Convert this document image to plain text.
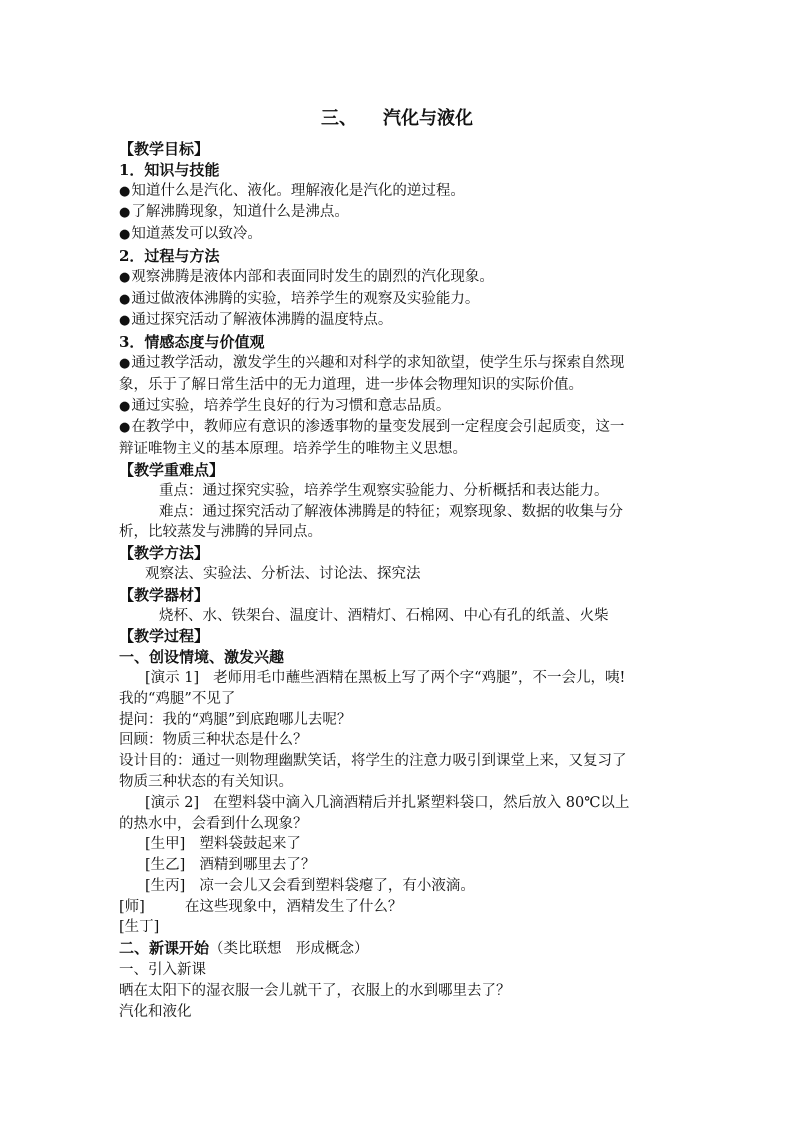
三、 汽化与液化
【教学目标】
1．知识与技能
●知道什么是汽化、液化。理解液化是汽化的逆过程。
●了解沸腾现象，知道什么是沸点。
●知道蒸发可以致冷。
2．过程与方法
●观察沸腾是液体内部和表面同时发生的剧烈的汽化现象。
●通过做液体沸腾的实验，培养学生的观察及实验能力。
●通过探究活动了解液体沸腾的温度特点。
3．情感态度与价值观
●通过教学活动，激发学生的兴趣和对科学的求知欲望，使学生乐与探索自然现
象，乐于了解日常生活中的无力道理，进一步体会物理知识的实际价值。
●通过实验，培养学生良好的行为习惯和意志品质。
●在教学中，教师应有意识的渗透事物的量变发展到一定程度会引起质变，这一
辩证唯物主义的基本原理。培养学生的唯物主义思想。
【教学重难点】
重点：通过探究实验，培养学生观察实验能力、分析概括和表达能力。
难点：通过探究活动了解液体沸腾是的特征；观察现象、数据的收集与分
析，比较蒸发与沸腾的异同点。
【教学方法】
观察法、实验法、分析法、讨论法、探究法
【教学器材】
烧杯、水、铁架台、温度计、酒精灯、石棉网、中心有孔的纸盖、火柴
【教学过程】
一、创设情境、激发兴趣
[演示 1] 老师用毛巾蘸些酒精在黑板上写了两个字“鸡腿”，不一会儿，咦!
我的“鸡腿”不见了
提问：我的“鸡腿”到底跑哪儿去呢？
回顾：物质三种状态是什么？
设计目的：通过一则物理幽默笑话，将学生的注意力吸引到课堂上来，又复习了
物质三种状态的有关知识。
[演示 2] 在塑料袋中滴入几滴酒精后并扎紧塑料袋口，然后放入 80℃以上
的热水中，会看到什么现象？
[生甲] 塑料袋鼓起来了
[生乙] 酒精到哪里去了？
[生丙] 凉一会儿又会看到塑料袋瘪了，有小液滴。
[师]	在这些现象中，酒精发生了什么？
[生丁]
二、新课开始（类比联想　形成概念）
一、引入新课
晒在太阳下的湿衣服一会儿就干了，衣服上的水到哪里去了？
汽化和液化
